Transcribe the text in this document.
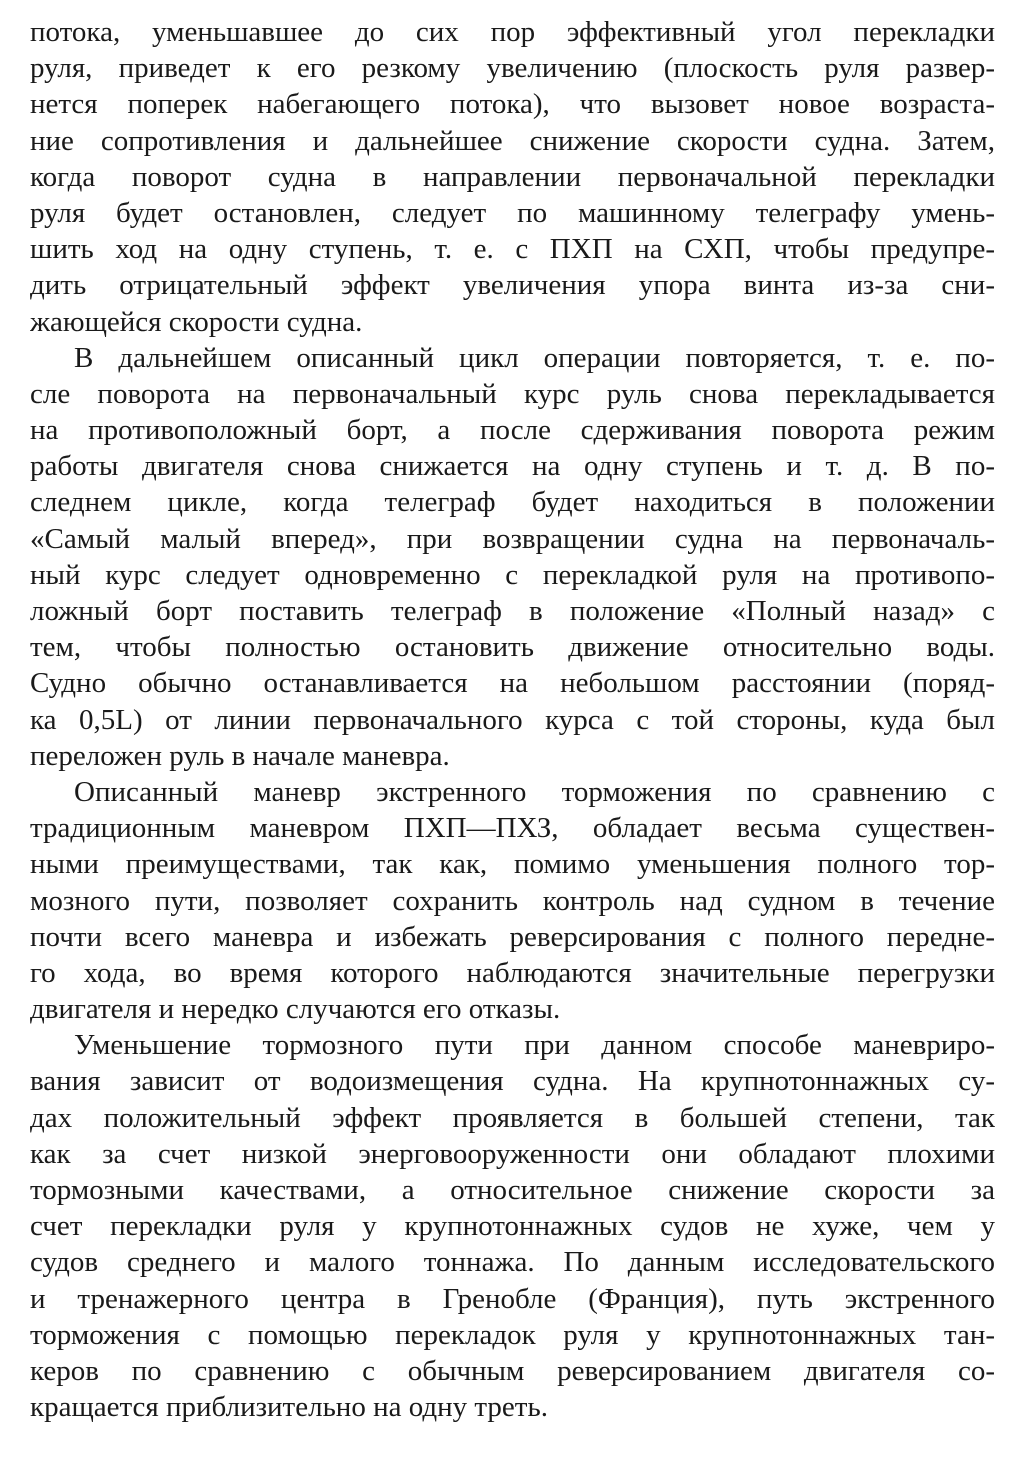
потока, уменьшавшее до сих пор эффективный угол перекладки
руля, приведет к его резкому увеличению (плоскость руля развер-
нется поперек набегающего потока), что вызовет новое возраста-
ние сопротивления и дальнейшее снижение скорости судна. Затем,
когда поворот судна в направлении первоначальной перекладки
руля будет остановлен, следует по машинному телеграфу умень-
шить ход на одну ступень, т. е. с ПХП на СХП, чтобы предупре-
дить отрицательный эффект увеличения упора винта из-за сни-
жающейся скорости судна.
В дальнейшем описанный цикл операции повторяется, т. е. по-
сле поворота на первоначальный курс руль снова перекладывается
на противоположный борт, а после сдерживания поворота режим
работы двигателя снова снижается на одну ступень и т. д. В по-
следнем цикле, когда телеграф будет находиться в положении
«Самый малый вперед», при возвращении судна на первоначаль-
ный курс следует одновременно с перекладкой руля на противопо-
ложный борт поставить телеграф в положение «Полный назад» с
тем, чтобы полностью остановить движение относительно воды.
Судно обычно останавливается на небольшом расстоянии (поряд-
ка 0,5L) от линии первоначального курса с той стороны, куда был
переложен руль в начале маневра.
Описанный маневр экстренного торможения по сравнению с
традиционным маневром ПХП—ПХЗ, обладает весьма существен-
ными преимуществами, так как, помимо уменьшения полного тор-
мозного пути, позволяет сохранить контроль над судном в течение
почти всего маневра и избежать реверсирования с полного передне-
го хода, во время которого наблюдаются значительные перегрузки
двигателя и нередко случаются его отказы.
Уменьшение тормозного пути при данном способе маневриро-
вания зависит от водоизмещения судна. На крупнотоннажных су-
дах положительный эффект проявляется в большей степени, так
как за счет низкой энерговооруженности они обладают плохими
тормозными качествами, а относительное снижение скорости за
счет перекладки руля у крупнотоннажных судов не хуже, чем у
судов среднего и малого тоннажа. По данным исследовательского
и тренажерного центра в Гренобле (Франция), путь экстренного
торможения с помощью перекладок руля у крупнотоннажных тан-
керов по сравнению с обычным реверсированием двигателя со-
кращается приблизительно на одну треть.
